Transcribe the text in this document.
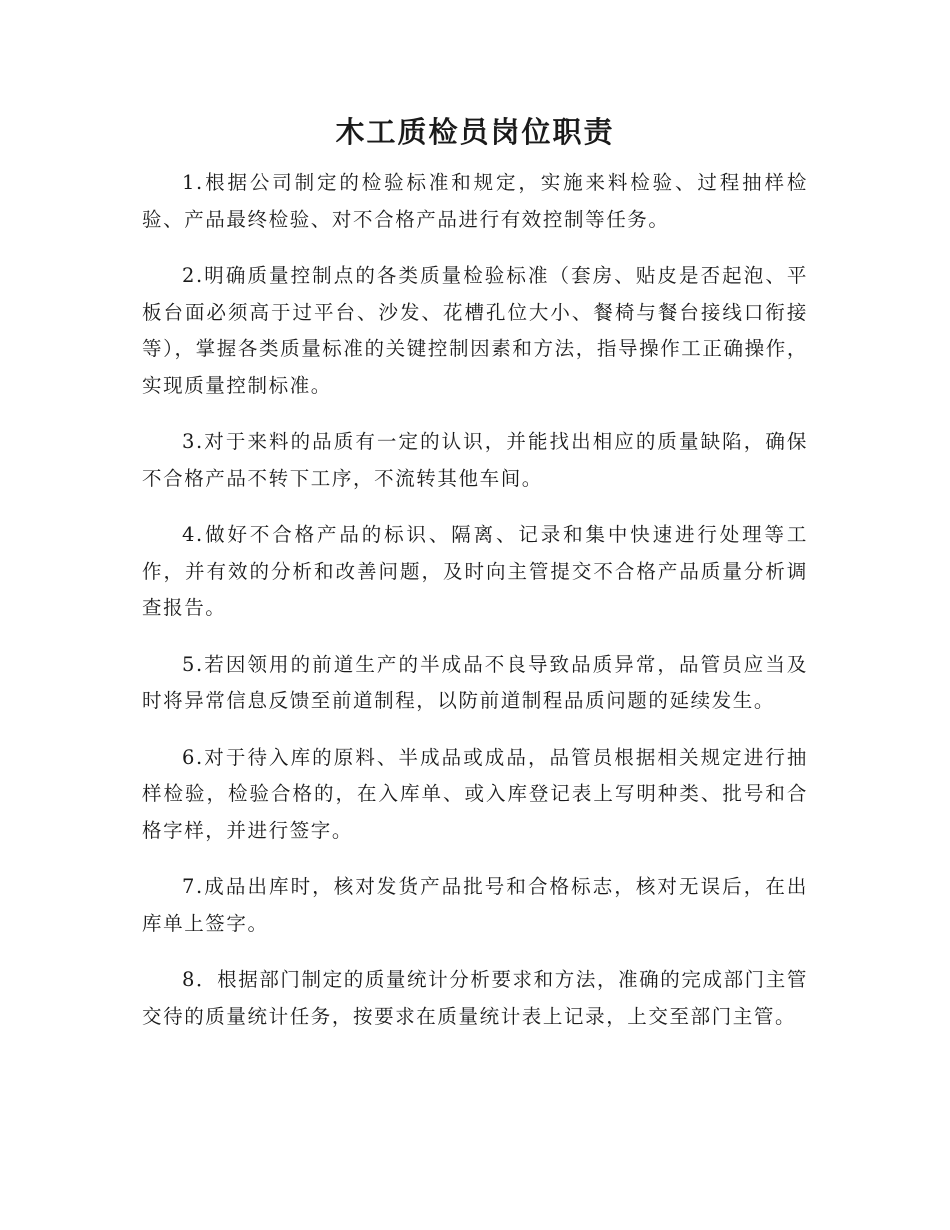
木工质检员岗位职责

1.根据公司制定的检验标准和规定，实施来料检验、过程抽样检验、产品最终检验、对不合格产品进行有效控制等任务。

2.明确质量控制点的各类质量检验标准（套房、贴皮是否起泡、平板台面必须高于过平台、沙发、花槽孔位大小、餐椅与餐台接线口衔接等），掌握各类质量标准的关键控制因素和方法，指导操作工正确操作，实现质量控制标准。

3.对于来料的品质有一定的认识，并能找出相应的质量缺陷，确保不合格产品不转下工序，不流转其他车间。

4.做好不合格产品的标识、隔离、记录和集中快速进行处理等工作，并有效的分析和改善问题，及时向主管提交不合格产品质量分析调查报告。

5.若因领用的前道生产的半成品不良导致品质异常，品管员应当及时将异常信息反馈至前道制程，以防前道制程品质问题的延续发生。

6.对于待入库的原料、半成品或成品，品管员根据相关规定进行抽样检验，检验合格的，在入库单、或入库登记表上写明种类、批号和合格字样，并进行签字。

7.成品出库时，核对发货产品批号和合格标志，核对无误后，在出库单上签字。

8．根据部门制定的质量统计分析要求和方法，准确的完成部门主管交待的质量统计任务，按要求在质量统计表上记录，上交至部门主管。
